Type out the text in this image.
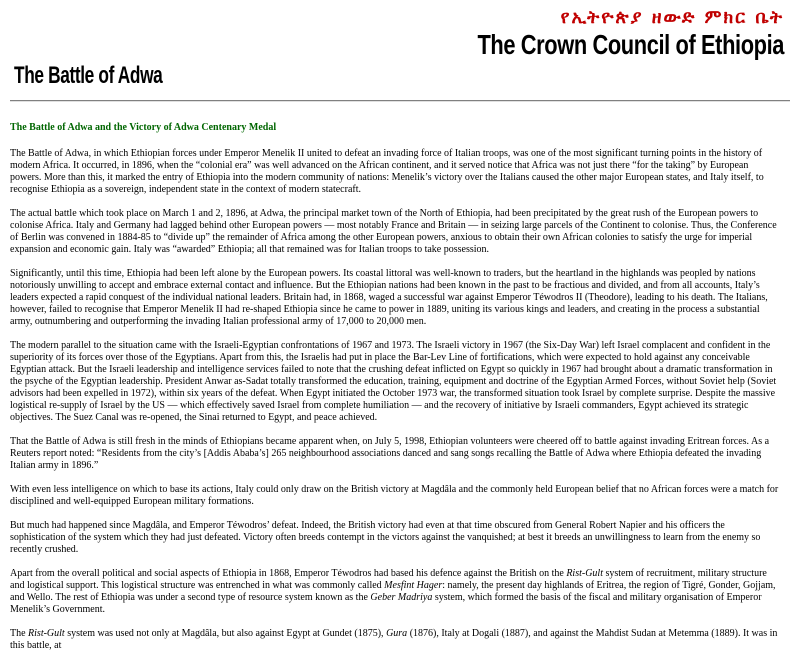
የኢትዮጵያ ዘውድ ምክር ቤት
The Crown Council of Ethiopia
The Battle of Adwa
The Battle of Adwa and the Victory of Adwa Centenary Medal

The Battle of Adwa, in which Ethiopian forces under Emperor Menelik II united to defeat an invading force of Italian troops, was one of the most significant turning points in the history of modern Africa. It occurred, in 1896, when the “colonial era” was well advanced on the African continent, and it served notice that Africa was not just there “for the taking” by European powers. More than this, it marked the entry of Ethiopia into the modern community of nations: Menelik’s victory over the Italians caused the other major European states, and Italy itself, to recognise Ethiopia as a sovereign, independent state in the context of modern statecraft.

The actual battle which took place on March 1 and 2, 1896, at Adwa, the principal market town of the North of Ethiopia, had been precipitated by the great rush of the European powers to colonise Africa. Italy and Germany had lagged behind other European powers — most notably France and Britain — in seizing large parcels of the Continent to colonise. Thus, the Conference of Berlin was convened in 1884-85 to “divide up” the remainder of Africa among the other European powers, anxious to obtain their own African colonies to satisfy the urge for imperial expansion and economic gain. Italy was “awarded” Ethiopia; all that remained was for Italian troops to take possession.

Significantly, until this time, Ethiopia had been left alone by the European powers. Its coastal littoral was well-known to traders, but the heartland in the highlands was peopled by nations notoriously unwilling to accept and embrace external contact and influence. But the Ethiopian nations had been known in the past to be fractious and divided, and from all accounts, Italy’s leaders expected a rapid conquest of the individual national leaders. Britain had, in 1868, waged a successful war against Emperor Téwodros II (Theodore), leading to his death. The Italians, however, failed to recognise that Emperor Menelik II had re-shaped Ethiopia since he came to power in 1889, uniting its various kings and leaders, and creating in the process a substantial army, outnumbering and outperforming the invading Italian professional army of 17,000 to 20,000 men.

The modern parallel to the situation came with the Israeli-Egyptian confrontations of 1967 and 1973. The Israeli victory in 1967 (the Six-Day War) left Israel complacent and confident in the superiority of its forces over those of the Egyptians. Apart from this, the Israelis had put in place the Bar-Lev Line of fortifications, which were expected to hold against any conceivable Egyptian attack. But the Israeli leadership and intelligence services failed to note that the crushing defeat inflicted on Egypt so quickly in 1967 had brought about a dramatic transformation in the psyche of the Egyptian leadership. President Anwar as-Sadat totally transformed the education, training, equipment and doctrine of the Egyptian Armed Forces, without Soviet help (Soviet advisors had been expelled in 1972), within six years of the defeat. When Egypt initiated the October 1973 war, the transformed situation took Israel by complete surprise. Despite the massive logistical re-supply of Israel by the US — which effectively saved Israel from complete humiliation — and the recovery of initiative by Israeli commanders, Egypt achieved its strategic objectives. The Suez Canal was re-opened, the Sinai returned to Egypt, and peace achieved.

That the Battle of Adwa is still fresh in the minds of Ethiopians became apparent when, on July 5, 1998, Ethiopian volunteers were cheered off to battle against invading Eritrean forces. As a Reuters report noted: “Residents from the city’s [Addis Ababa’s] 265 neighbourhood associations danced and sang songs recalling the Battle of Adwa where Ethiopia defeated the invading Italian army in 1896.”

With even less intelligence on which to base its actions, Italy could only draw on the British victory at Magdâla and the commonly held European belief that no African forces were a match for disciplined and well-equipped European military formations.

But much had happened since Magdâla, and Emperor Téwodros’ defeat. Indeed, the British victory had even at that time obscured from General Robert Napier and his officers the sophistication of the system which they had just defeated. Victory often breeds contempt in the victors against the vanquished; at best it breeds an unwillingness to learn from the enemy so recently crushed.

Apart from the overall political and social aspects of Ethiopia in 1868, Emperor Téwodros had based his defence against the British on the Rist-Gult system of recruitment, military structure and logistical support. This logistical structure was entrenched in what was commonly called Mesfint Hager: namely, the present day highlands of Eritrea, the region of Tigré, Gonder, Gojjam, and Wello. The rest of Ethiopia was under a second type of resource system known as the Geber Madriya system, which formed the basis of the fiscal and military organisation of Emperor Menelik’s Government.

The Rist-Gult system was used not only at Magdâla, but also against Egypt at Gundet (1875), Gura (1876), Italy at Dogali (1887), and against the Mahdist Sudan at Metemma (1889). It was in this battle, at
